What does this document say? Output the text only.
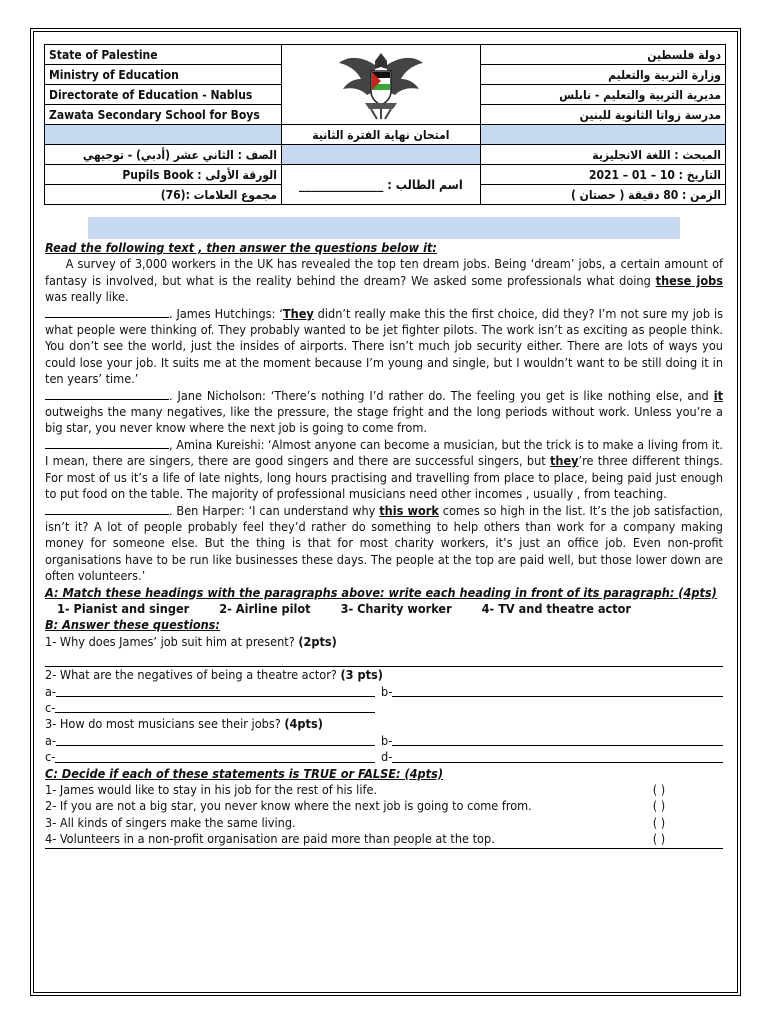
State of Palestine		دولة فلسطين
Ministry of Education		وزارة التربية والتعليم
Directorate of Education - Nablus		مديرية التربية والتعليم - نابلس
Zawata Secondary School for Boys		مدرسة زواتا الثانوية للبنين
	امتحان نهاية الفترة الثانية	
الصف : الثاني عشر (أدبي) - توجيهي		المبحث : اللغة الانجليزية
الورقة الأولى : Pupils Book	اسم الطالب : _______________	التاريخ : 10 – 01 – 2021
مجموع العلامات :(76)		الزمن : 80 دقيقة ( حصتان )

Read the following text , then answer the questions below it:

A survey of 3,000 workers in the UK has revealed the top ten dream jobs. Being ‘dream’ jobs, a certain amount of fantasy is involved, but what is the reality behind the dream? We asked some professionals what doing these jobs was really like.

. James Hutchings: ‘They didn’t really make this the first choice, did they? I’m not sure my job is what people were thinking of. They probably wanted to be jet fighter pilots. The work isn’t as exciting as people think. You don’t see the world, just the insides of airports. There isn’t much job security either. There are lots of ways you could lose your job. It suits me at the moment because I’m young and single, but I wouldn’t want to be still doing it in ten years’ time.’

. Jane Nicholson: ‘There’s nothing I’d rather do. The feeling you get is like nothing else, and it outweighs the many negatives, like the pressure, the stage fright and the long periods without work. Unless you’re a big star, you never know where the next job is going to come from.

, Amina Kureishi: ‘Almost anyone can become a musician, but the trick is to make a living from it. I mean, there are singers, there are good singers and there are successful singers, but they’re three different things. For most of us it’s a life of late nights, long hours practising and travelling from place to place, being paid just enough to put food on the table. The majority of professional musicians need other incomes , usually , from teaching.

. Ben Harper: ‘I can understand why this work comes so high in the list. It’s the job satisfaction, isn’t it? A lot of people probably feel they’d rather do something to help others than work for a company making money for someone else. But the thing is that for most charity workers, it’s just an office job. Even non-profit organisations have to be run like businesses these days. The people at the top are paid well, but those lower down are often volunteers.’

A: Match these headings with the paragraphs above: write each heading in front of its paragraph: (4pts)

1- Pianist and singer 2- Airline pilot 3- Charity worker 4- TV and theatre actor

B: Answer these questions:

1- Why does James’ job suit him at present? (2pts)

2- What are the negatives of being a theatre actor? (3 pts)

a-	b-
c-

3- How do most musicians see their jobs? (4pts)

a-	b-
c-	d-

C: Decide if each of these statements is TRUE or FALSE: (4pts)

1- James would like to stay in his job for the rest of his life.	( )
2- If you are not a big star, you never know where the next job is going to come from.	( )
3- All kinds of singers make the same living.	( )
4- Volunteers in a non-profit organisation are paid more than people at the top.	( )
